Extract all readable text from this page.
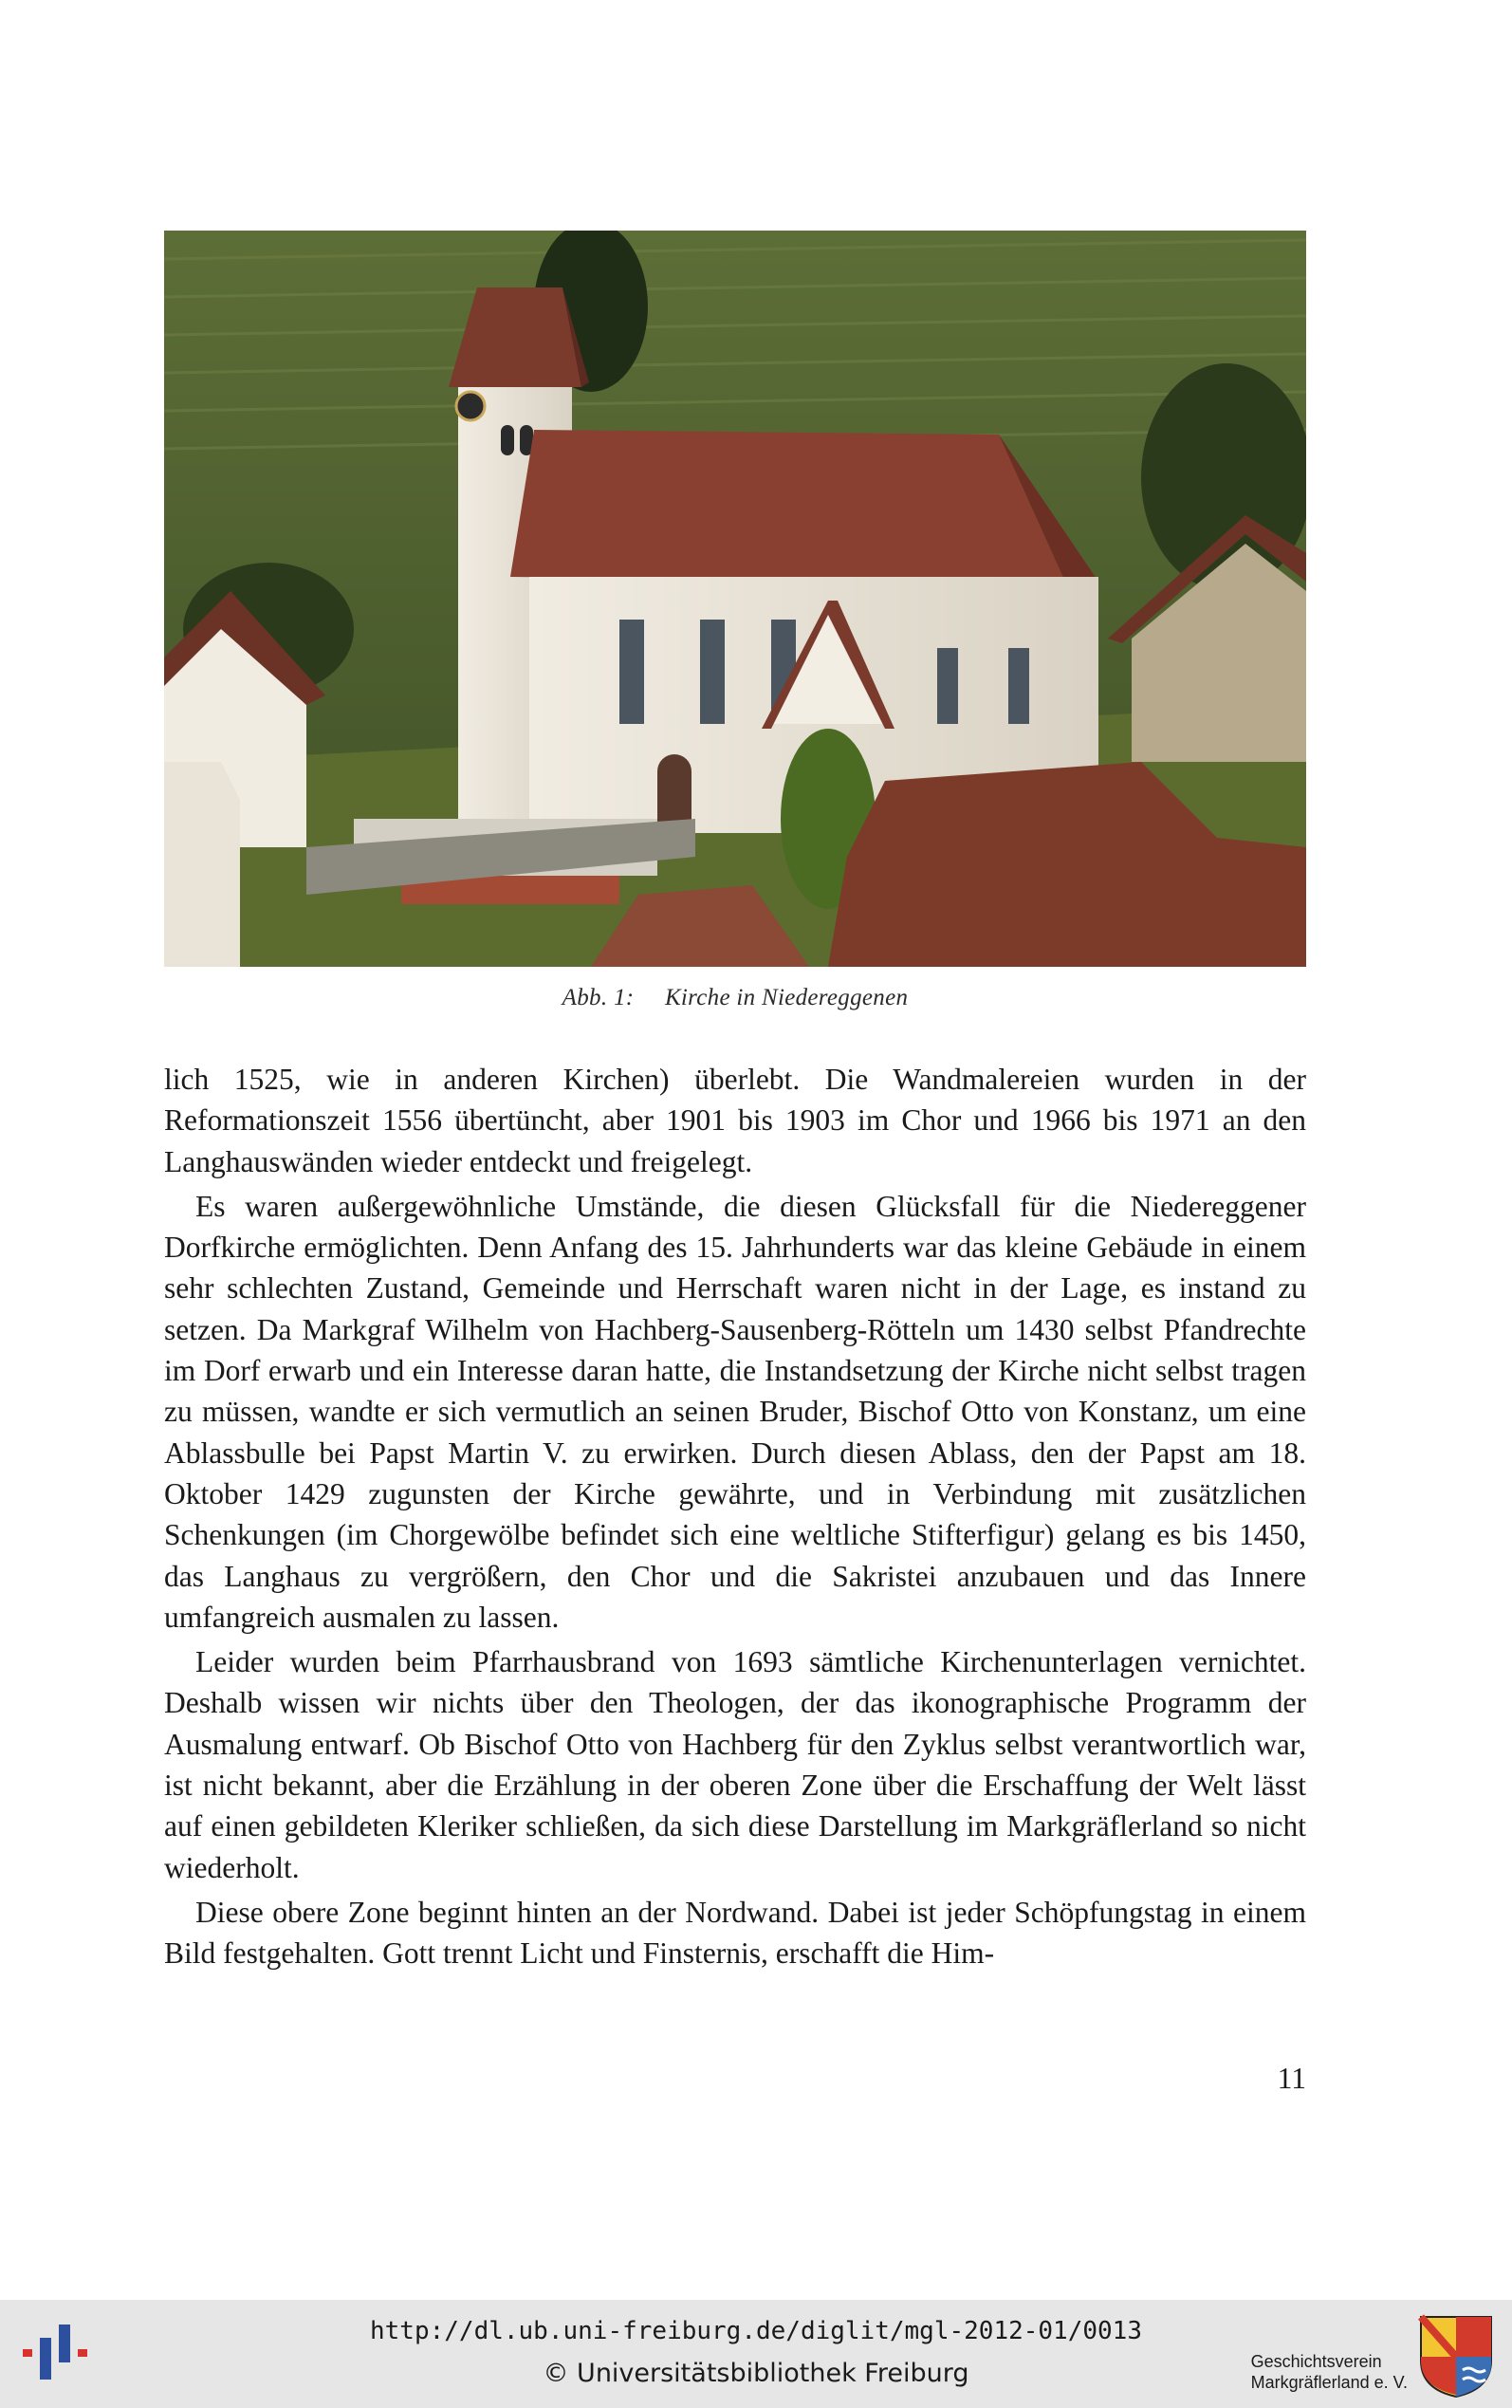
Abb. 1: Kirche in Niedereggenen

lich 1525, wie in anderen Kirchen) überlebt. Die Wandmalereien wurden in der Reformationszeit 1556 übertüncht, aber 1901 bis 1903 im Chor und 1966 bis 1971 an den Langhauswänden wieder entdeckt und freigelegt.

Es waren außergewöhnliche Umstände, die diesen Glücksfall für die Niedereggener Dorfkirche ermöglichten. Denn Anfang des 15. Jahrhunderts war das kleine Gebäude in einem sehr schlechten Zustand, Gemeinde und Herrschaft waren nicht in der Lage, es instand zu setzen. Da Markgraf Wilhelm von Hachberg-Sausenberg-Rötteln um 1430 selbst Pfandrechte im Dorf erwarb und ein Interesse daran hatte, die Instandsetzung der Kirche nicht selbst tragen zu müssen, wandte er sich vermutlich an seinen Bruder, Bischof Otto von Konstanz, um eine Ablassbulle bei Papst Martin V. zu erwirken. Durch diesen Ablass, den der Papst am 18. Oktober 1429 zugunsten der Kirche gewährte, und in Verbindung mit zusätzlichen Schenkungen (im Chorgewölbe befindet sich eine weltliche Stifterfigur) gelang es bis 1450, das Langhaus zu vergrößern, den Chor und die Sakristei anzubauen und das Innere umfangreich ausmalen zu lassen.

Leider wurden beim Pfarrhausbrand von 1693 sämtliche Kirchenunterlagen vernichtet. Deshalb wissen wir nichts über den Theologen, der das ikonographische Programm der Ausmalung entwarf. Ob Bischof Otto von Hachberg für den Zyklus selbst verantwortlich war, ist nicht bekannt, aber die Erzählung in der oberen Zone über die Erschaffung der Welt lässt auf einen gebildeten Kleriker schließen, da sich diese Darstellung im Markgräflerland so nicht wiederholt.

Diese obere Zone beginnt hinten an der Nordwand. Dabei ist jeder Schöpfungstag in einem Bild festgehalten. Gott trennt Licht und Finsternis, erschafft die Him-

11
http://dl.ub.uni-freiburg.de/diglit/mgl-2012-01/0013
© Universitätsbibliothek Freiburg	Geschichtsverein
Markgräflerland e. V.
